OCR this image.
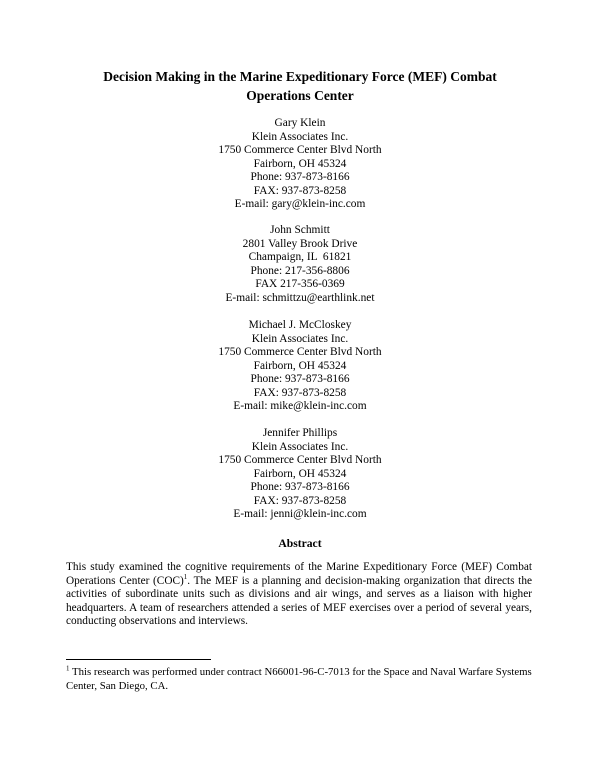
Decision Making in the Marine Expeditionary Force (MEF) Combat
Operations Center
Gary Klein
Klein Associates Inc.
1750 Commerce Center Blvd North
Fairborn, OH 45324
Phone: 937-873-8166
FAX: 937-873-8258
E-mail: gary@klein-inc.com
John Schmitt
2801 Valley Brook Drive
Champaign, IL  61821
Phone: 217-356-8806
FAX 217-356-0369
E-mail: schmittzu@earthlink.net
Michael J. McCloskey
Klein Associates Inc.
1750 Commerce Center Blvd North
Fairborn, OH 45324
Phone: 937-873-8166
FAX: 937-873-8258
E-mail: mike@klein-inc.com
Jennifer Phillips
Klein Associates Inc.
1750 Commerce Center Blvd North
Fairborn, OH 45324
Phone: 937-873-8166
FAX: 937-873-8258
E-mail: jenni@klein-inc.com
Abstract
This study examined the cognitive requirements of the Marine Expeditionary Force (MEF) Combat Operations Center (COC)$^1$. The MEF is a planning and decision-making organization that directs the activities of subordinate units such as divisions and air wings, and serves as a liaison with higher headquarters. A team of researchers attended a series of MEF exercises over a period of several years, conducting observations and interviews.
$^1$ This research was performed under contract N66001-96-C-7013 for the Space and Naval Warfare Systems Center, San Diego, CA.
